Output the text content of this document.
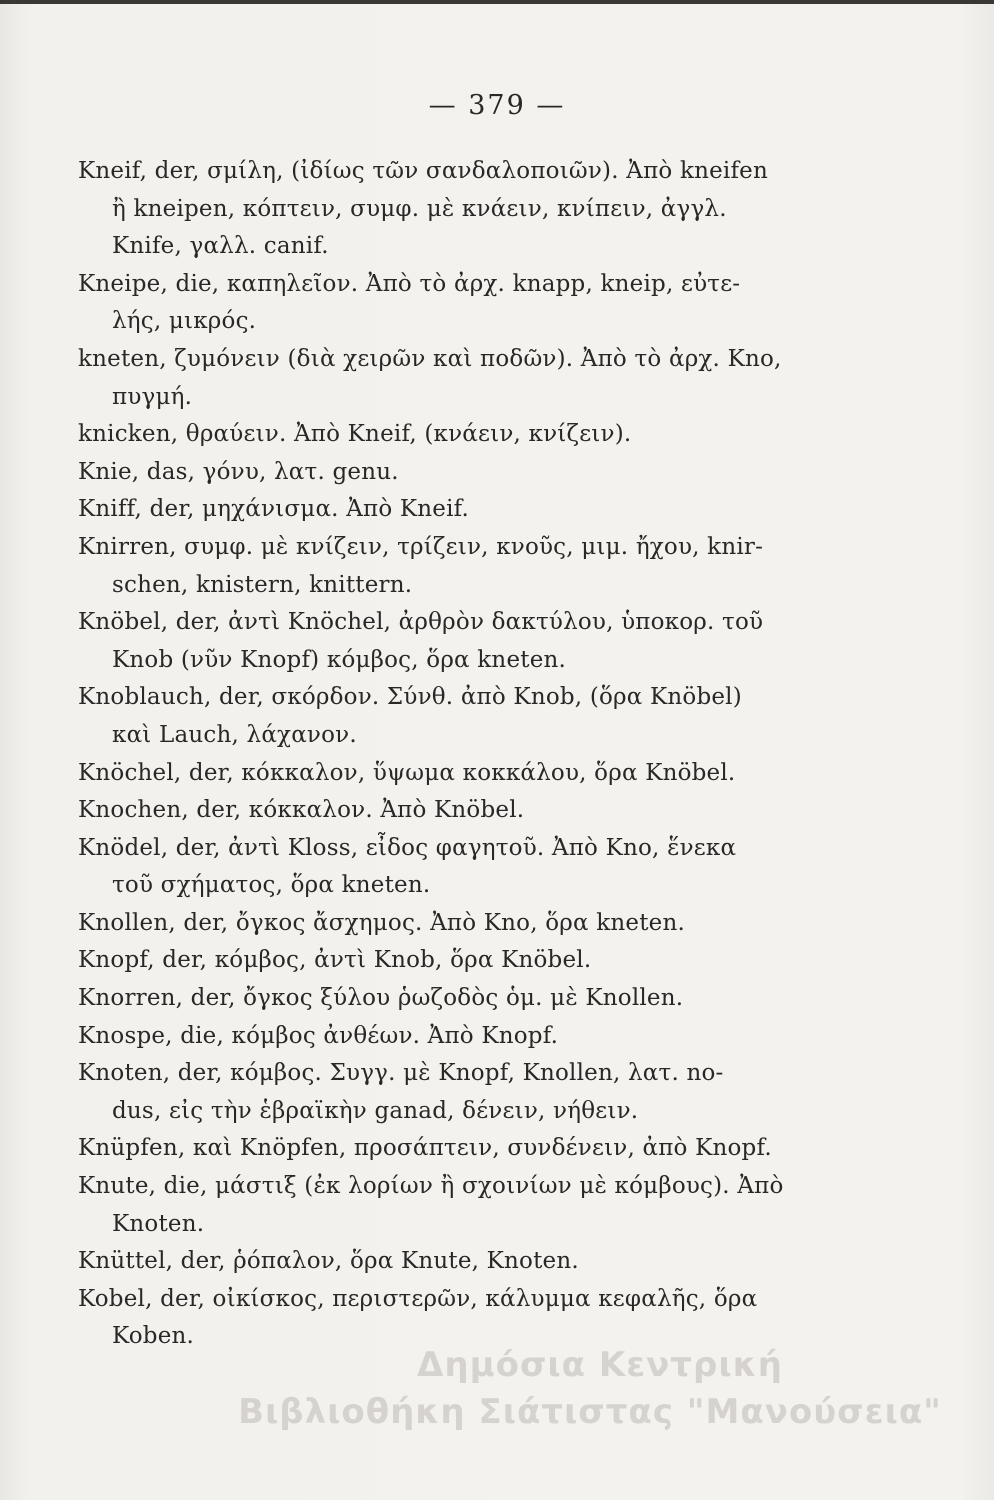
— 379 —
Kneif, der, σμίλη, (ἰδίως τῶν σανδαλοποιῶν). Ἀπὸ kneifen
ἢ kneipen, κόπτειν, συμφ. μὲ κνάειν, κνίπειν, ἀγγλ.
Knife, γαλλ. canif.
Kneipe, die, καπηλεῖον. Ἀπὸ τὸ ἀρχ. knapp, kneip, εὐτε-
λής, μικρός.
kneten, ζυμόνειν (διὰ χειρῶν καὶ ποδῶν). Ἀπὸ τὸ ἀρχ. Kno,
πυγμή.
knicken, θραύειν. Ἀπὸ Kneif, (κνάειν, κνίζειν).
Knie, das, γόνυ, λατ. genu.
Kniff, der, μηχάνισμα. Ἀπὸ Kneif.
Knirren, συμφ. μὲ κνίζειν, τρίζειν, κνοῦς, μιμ. ἤχου, knir-
schen, knistern, knittern.
Knöbel, der, ἀντὶ Knöchel, ἀρθρὸν δακτύλου, ὑποκορ. τοῦ
Knob (νῦν Knopf) κόμβος, ὅρα kneten.
Knoblauch, der, σκόρδον. Σύνθ. ἀπὸ Knob, (ὅρα Knöbel)
καὶ Lauch, λάχανον.
Knöchel, der, κόκκαλον, ὕψωμα κοκκάλου, ὅρα Knöbel.
Knochen, der, κόκκαλον. Ἀπὸ Knöbel.
Knödel, der, ἀντὶ Kloss, εἶδος φαγητοῦ. Ἀπὸ Kno, ἕνεκα
τοῦ σχήματος, ὅρα kneten.
Knollen, der, ὄγκος ἄσχημος. Ἀπὸ Kno, ὅρα kneten.
Knopf, der, κόμβος, ἀντὶ Knob, ὅρα Knöbel.
Knorren, der, ὄγκος ξύλου ῥωζοδὸς ὁμ. μὲ Knollen.
Knospe, die, κόμβος ἀνθέων. Ἀπὸ Knopf.
Knoten, der, κόμβος. Συγγ. μὲ Knopf, Knollen, λατ. no-
dus, εἰς τὴν ἑβραϊκὴν ganad, δένειν, νήθειν.
Knüpfen, καὶ Knöpfen, προσάπτειν, συνδένειν, ἀπὸ Knopf.
Knute, die, μάστιξ (ἐκ λορίων ἢ σχοινίων μὲ κόμβους). Ἀπὸ
Knoten.
Knüttel, der, ῥόπαλον, ὅρα Knute, Knoten.
Kobel, der, οἰκίσκος, περιστερῶν, κάλυμμα κεφαλῆς, ὅρα
Koben.
Δημόσια Κεντρική
Βιβλιοθήκη Σιάτιστας "Μανούσεια"
